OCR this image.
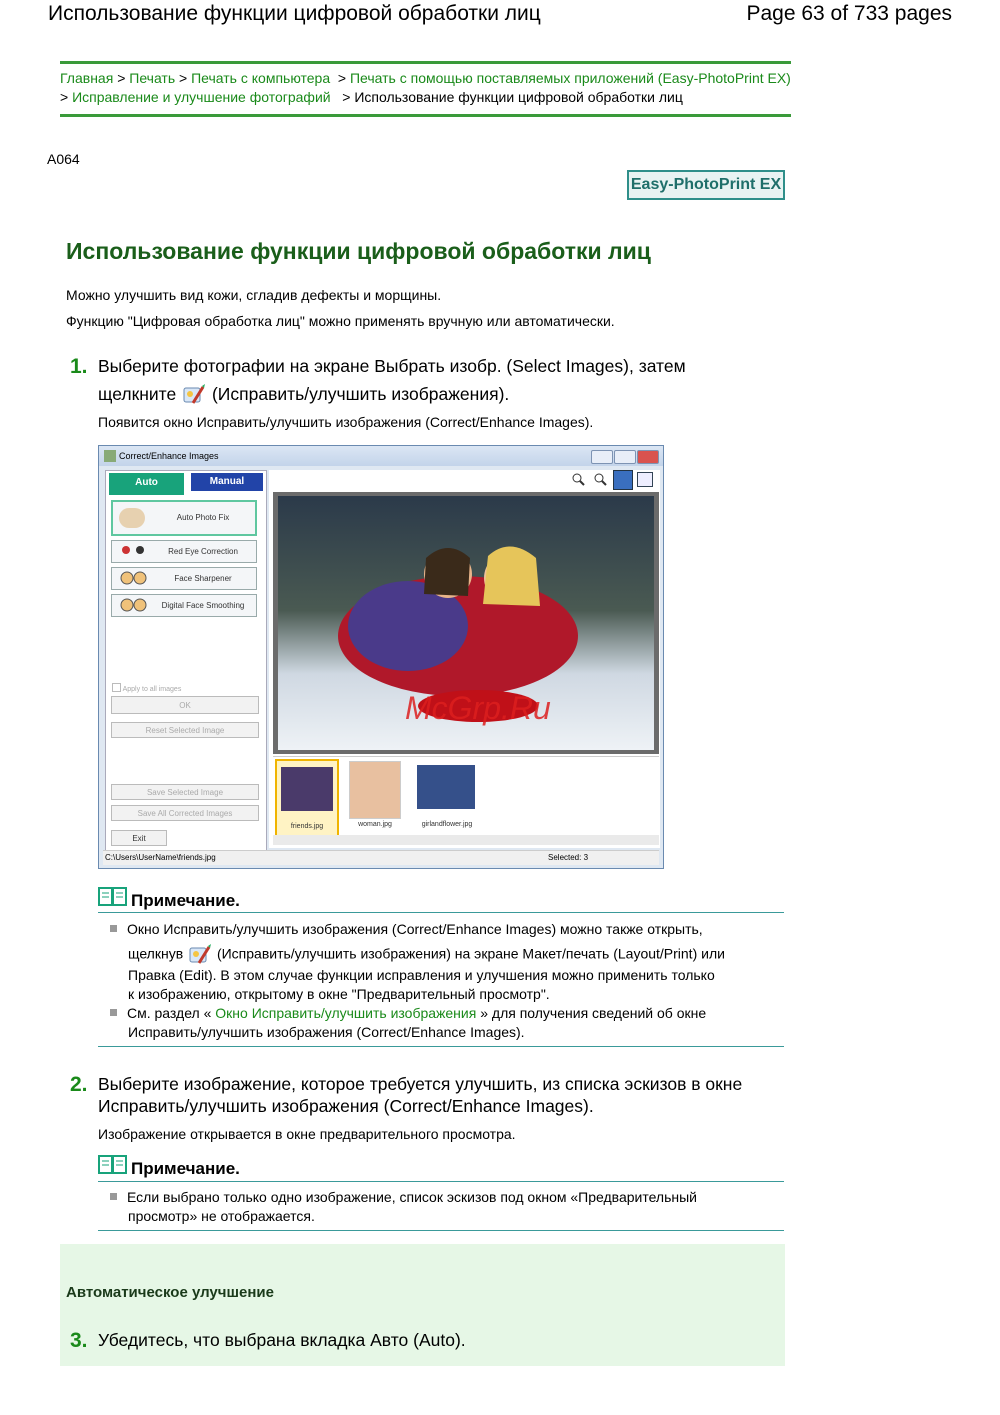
Использование функции цифровой обработки лиц	Page 63 of 733 pages
Главная > Печать > Печать с компьютера > Печать с помощью поставляемых приложений (Easy-PhotoPrint EX) > Исправление и улучшение фотографий > Использование функции цифровой обработки лиц
A064
Easy-PhotoPrint EX
Использование функции цифровой обработки лиц
Можно улучшить вид кожи, сгладив дефекты и морщины.
Функцию "Цифровая обработка лиц" можно применять вручную или автоматически.
1. Выберите фотографии на экране Выбрать изобр. (Select Images), затем
щелкните (Исправить/улучшить изображения).
Появится окно Исправить/улучшить изображения (Correct/Enhance Images).
Correct/Enhance Images
Auto	Manual
Auto Photo Fix
Red Eye Correction
Face Sharpener
Digital Face Smoothing
Apply to all images
OK
Reset Selected Image
Save Selected Image
Save All Corrected Images
Exit
friends.jpg	woman.jpg	girlandflower.jpg
C:\Users\UserName\friends.jpg	Selected: 3
McGrp.Ru
Примечание.
Окно Исправить/улучшить изображения (Correct/Enhance Images) можно также открыть,
щелкнув (Исправить/улучшить изображения) на экране Макет/печать (Layout/Print) или
Правка (Edit). В этом случае функции исправления и улучшения можно применить только
к изображению, открытому в окне "Предварительный просмотр".
См. раздел « Окно Исправить/улучшить изображения » для получения сведений об окне
Исправить/улучшить изображения (Correct/Enhance Images).
2. Выберите изображение, которое требуется улучшить, из списка эскизов в окне
Исправить/улучшить изображения (Correct/Enhance Images).
Изображение открывается в окне предварительного просмотра.
Примечание.
Если выбрано только одно изображение, список эскизов под окном «Предварительный
просмотр» не отображается.
Автоматическое улучшение
3. Убедитесь, что выбрана вкладка Авто (Auto).
